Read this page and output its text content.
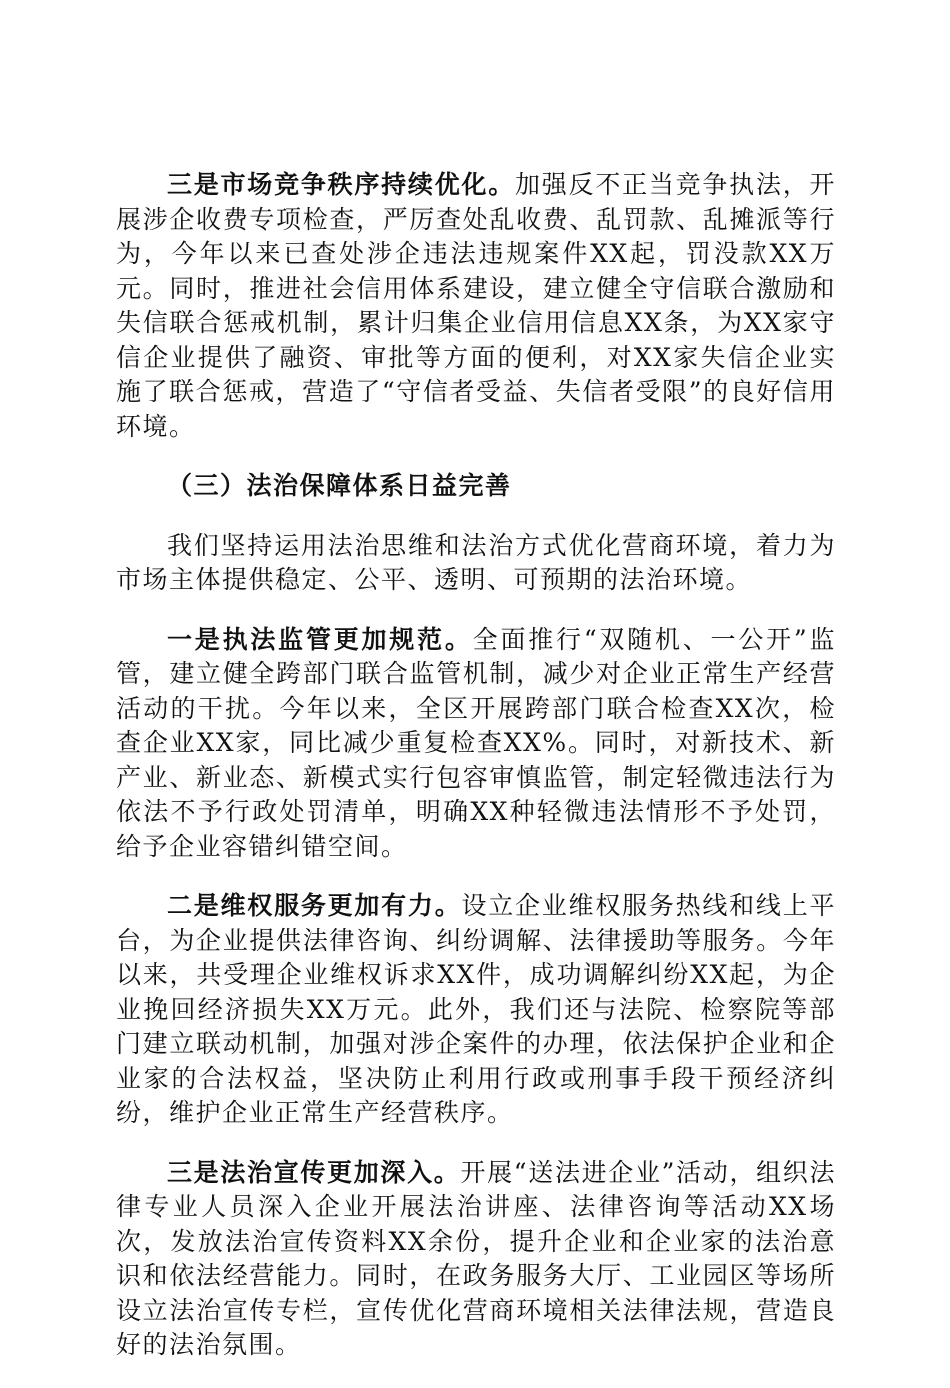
三是市场竞争秩序持续优化。加强反不正当竞争执法，开展涉企收费专项检查，严厉查处乱收费、乱罚款、乱摊派等行为，今年以来已查处涉企违法违规案件XX起，罚没款XX万元。同时，推进社会信用体系建设，建立健全守信联合激励和失信联合惩戒机制，累计归集企业信用信息XX条，为XX家守信企业提供了融资、审批等方面的便利，对XX家失信企业实施了联合惩戒，营造了“守信者受益、失信者受限”的良好信用环境。

（三）法治保障体系日益完善

我们坚持运用法治思维和法治方式优化营商环境，着力为市场主体提供稳定、公平、透明、可预期的法治环境。

一是执法监管更加规范。全面推行“双随机、一公开”监管，建立健全跨部门联合监管机制，减少对企业正常生产经营活动的干扰。今年以来，全区开展跨部门联合检查XX次，检查企业XX家，同比减少重复检查XX%。同时，对新技术、新产业、新业态、新模式实行包容审慎监管，制定轻微违法行为依法不予行政处罚清单，明确XX种轻微违法情形不予处罚，给予企业容错纠错空间。

二是维权服务更加有力。设立企业维权服务热线和线上平台，为企业提供法律咨询、纠纷调解、法律援助等服务。今年以来，共受理企业维权诉求XX件，成功调解纠纷XX起，为企业挽回经济损失XX万元。此外，我们还与法院、检察院等部门建立联动机制，加强对涉企案件的办理，依法保护企业和企业家的合法权益，坚决防止利用行政或刑事手段干预经济纠纷，维护企业正常生产经营秩序。

三是法治宣传更加深入。开展“送法进企业”活动，组织法律专业人员深入企业开展法治讲座、法律咨询等活动XX场次，发放法治宣传资料XX余份，提升企业和企业家的法治意识和依法经营能力。同时，在政务服务大厅、工业园区等场所设立法治宣传专栏，宣传优化营商环境相关法律法规，营造良好的法治氛围。
